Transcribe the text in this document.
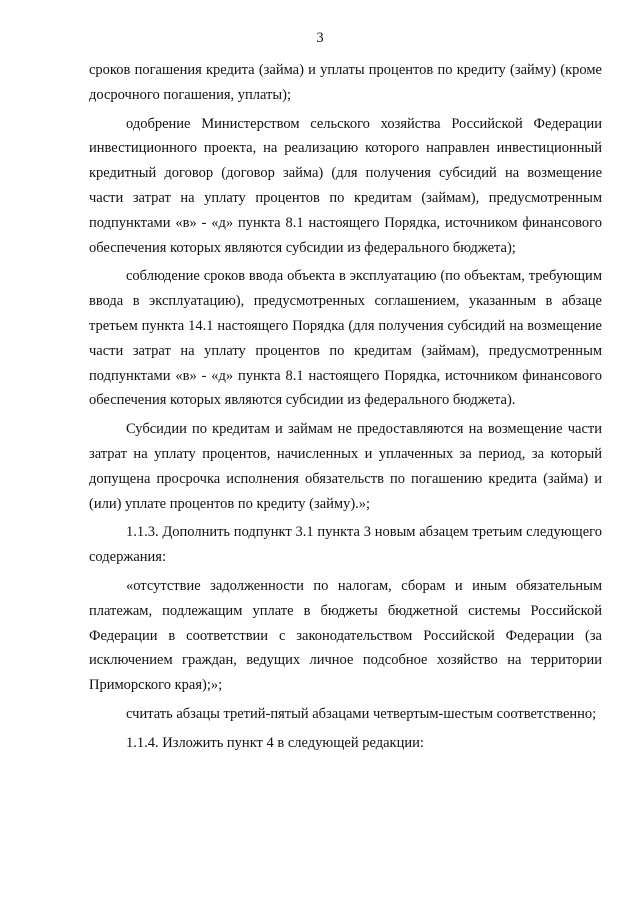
3

сроков погашения кредита (займа) и уплаты процентов по кредиту (займу) (кроме досрочного погашения, уплаты);

одобрение Министерством сельского хозяйства Российской Федерации инвестиционного проекта, на реализацию которого направлен инвестиционный кредитный договор (договор займа) (для получения субсидий на возмещение части затрат на уплату процентов по кредитам (займам), предусмотренным подпунктами «в» - «д» пункта 8.1 настоящего Порядка, источником финансового обеспечения которых являются субсидии из федерального бюджета);

соблюдение сроков ввода объекта в эксплуатацию (по объектам, требующим ввода в эксплуатацию), предусмотренных соглашением, указанным в абзаце третьем пункта 14.1 настоящего Порядка (для получения субсидий на возмещение части затрат на уплату процентов по кредитам (займам), предусмотренным подпунктами «в» - «д» пункта 8.1 настоящего Порядка, источником финансового обеспечения которых являются субсидии из федерального бюджета).

Субсидии по кредитам и займам не предоставляются на возмещение части затрат на уплату процентов, начисленных и уплаченных за период, за который допущена просрочка исполнения обязательств по погашению кредита (займа) и (или) уплате процентов по кредиту (займу).»;

1.1.3. Дополнить подпункт 3.1 пункта 3 новым абзацем третьим следующего содержания:

«отсутствие задолженности по налогам, сборам и иным обязательным платежам, подлежащим уплате в бюджеты бюджетной системы Российской Федерации в соответствии с законодательством Российской Федерации (за исключением граждан, ведущих личное подсобное хозяйство на территории Приморского края);»;

считать абзацы третий-пятый абзацами четвертым-шестым соответственно;

1.1.4. Изложить пункт 4 в следующей редакции:
